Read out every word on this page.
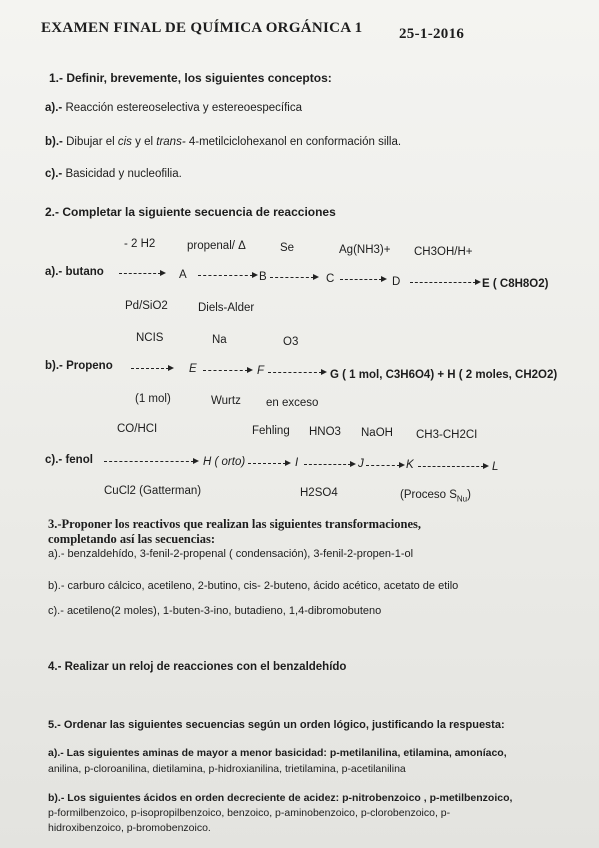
EXAMEN FINAL DE QUÍMICA ORGÁNICA 1 25-1-2016
1.- Definir, brevemente, los siguientes conceptos:
a).- Reacción estereoselectiva y estereoespecífica
b).- Dibujar el cis y el trans- 4-metilciclohexanol en conformación silla.
c).- Basicidad y nucleofilia.
2.- Completar la siguiente secuencia de reacciones
- 2 H2	propenal/ Δ	Se	Ag(NH3)+ CH3OH/H+
a).- butano	A	B	C	D	E ( C8H8O2)
Pd/SiO2	Diels-Alder
NCIS	Na	O3
b).- Propeno	E	F	G ( 1 mol, C3H6O4) + H ( 2 moles, CH2O2)
(1 mol)	Wurtz en exceso
CO/HCI	Fehling HNO3 NaOH CH3-CH2CI
c).- fenol	H ( orto)	I	J	K	L
CuCl2 (Gatterman)	H2SO4	(Proceso $S_{Nu}$)
3.-Proponer los reactivos que realizan las siguientes transformaciones,
completando así las secuencias:
a).- benzaldehído, 3-fenil-2-propenal ( condensación), 3-fenil-2-propen-1-ol
b).- carburo cálcico, acetileno, 2-butino, cis- 2-buteno, ácido acético, acetato de etilo
c).- acetileno(2 moles), 1-buten-3-ino, butadieno, 1,4-dibromobuteno
4.- Realizar un reloj de reacciones con el benzaldehído
5.- Ordenar las siguientes secuencias según un orden lógico, justificando la respuesta:
a).- Las siguientes aminas de mayor a menor basicidad: p-metilanilina, etilamina, amoníaco,
anilina, p-cloroanilina, dietilamina, p-hidroxianilina, trietilamina, p-acetilanilina
b).- Los siguientes ácidos en orden decreciente de acidez: p-nitrobenzoico , p-metilbenzoico,
p-formilbenzoico, p-isopropilbenzoico, benzoico, p-aminobenzoico, p-clorobenzoico, p-
hidroxibenzoico, p-bromobenzoico.
